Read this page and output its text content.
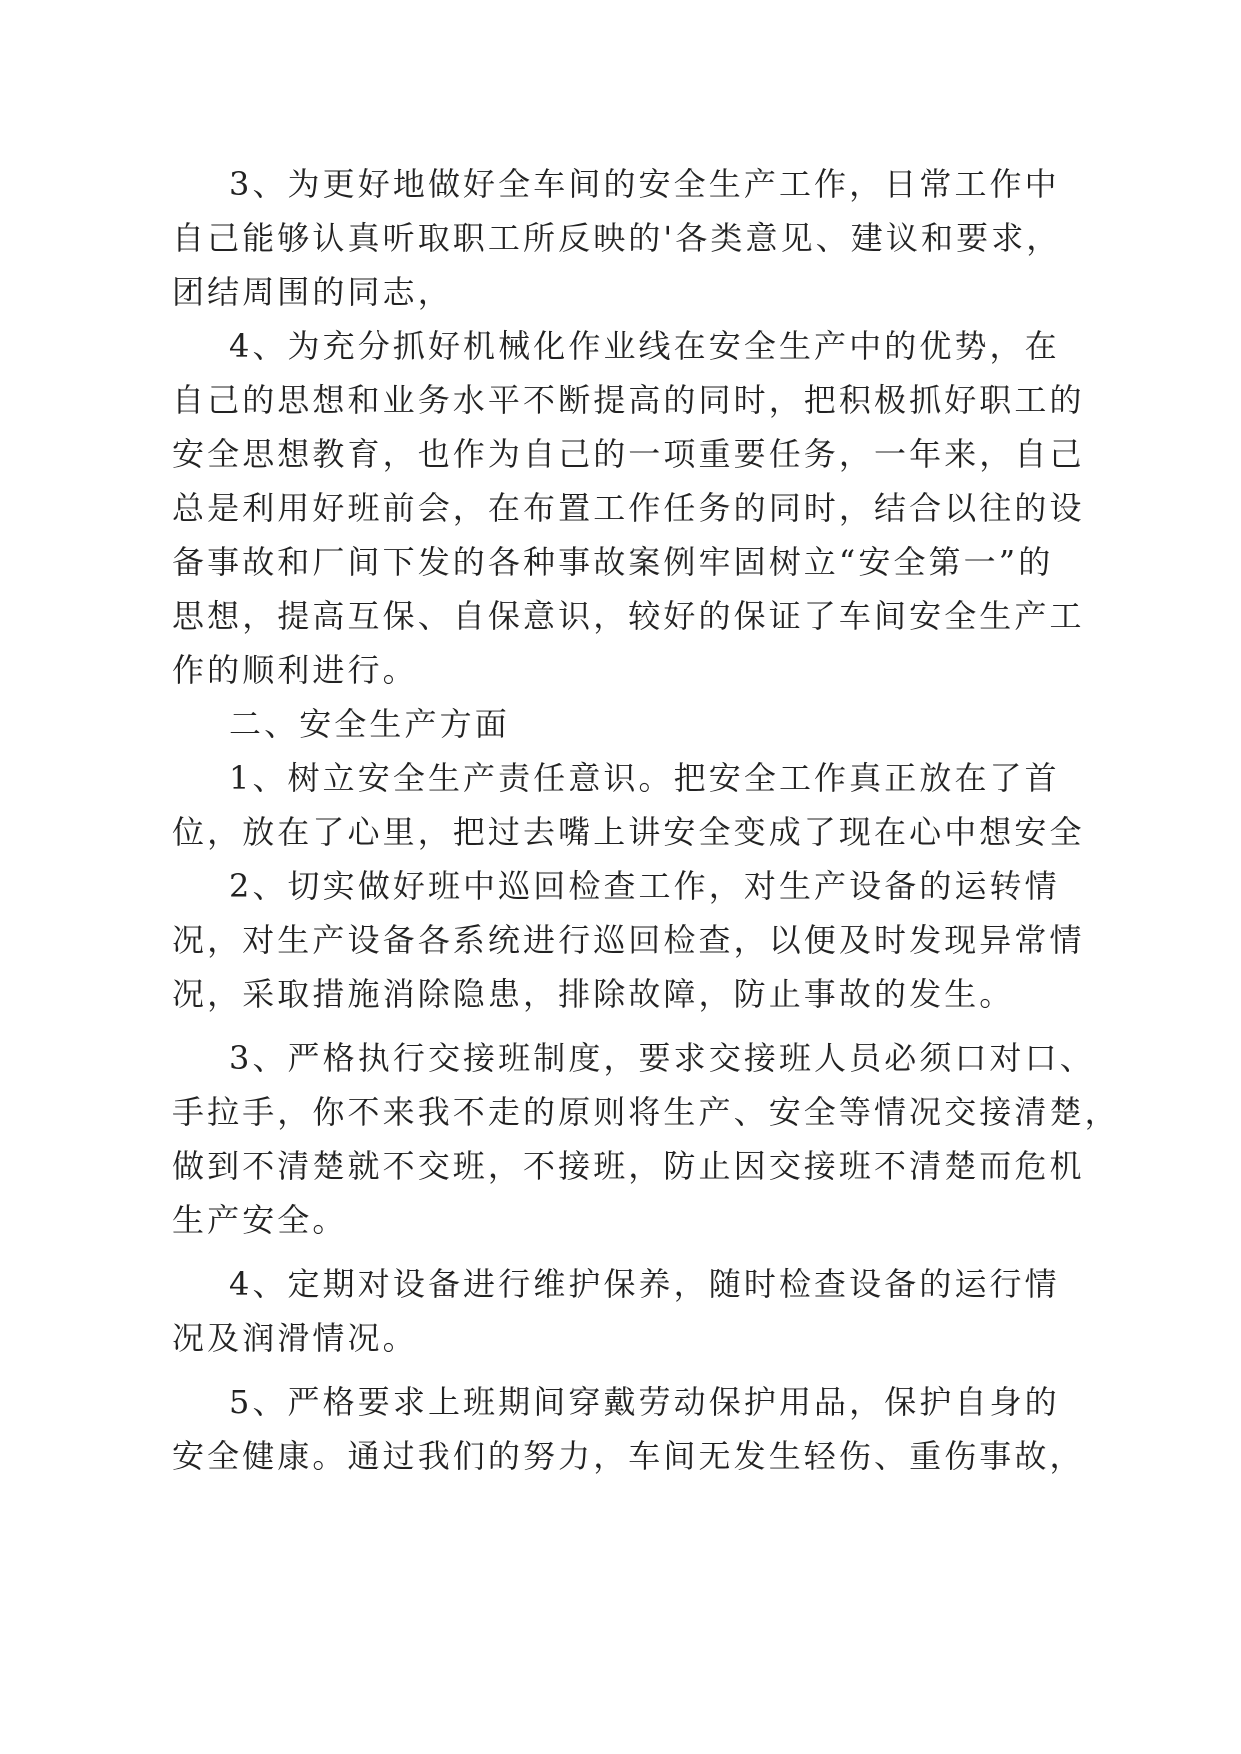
3、为更好地做好全车间的安全生产工作，日常工作中
自己能够认真听取职工所反映的'各类意见、建议和要求，
团结周围的同志，
4、为充分抓好机械化作业线在安全生产中的优势，在
自己的思想和业务水平不断提高的同时，把积极抓好职工的
安全思想教育，也作为自己的一项重要任务，一年来，自己
总是利用好班前会，在布置工作任务的同时，结合以往的设
备事故和厂间下发的各种事故案例牢固树立“安全第一”的
思想，提高互保、自保意识，较好的保证了车间安全生产工
作的顺利进行。
二、安全生产方面
1、树立安全生产责任意识。把安全工作真正放在了首
位，放在了心里，把过去嘴上讲安全变成了现在心中想安全
2、切实做好班中巡回检查工作，对生产设备的运转情
况，对生产设备各系统进行巡回检查，以便及时发现异常情
况，采取措施消除隐患，排除故障，防止事故的发生。
3、严格执行交接班制度，要求交接班人员必须口对口、
手拉手，你不来我不走的原则将生产、安全等情况交接清楚，
做到不清楚就不交班，不接班，防止因交接班不清楚而危机
生产安全。
4、定期对设备进行维护保养，随时检查设备的运行情
况及润滑情况。
5、严格要求上班期间穿戴劳动保护用品，保护自身的
安全健康。通过我们的努力，车间无发生轻伤、重伤事故，
